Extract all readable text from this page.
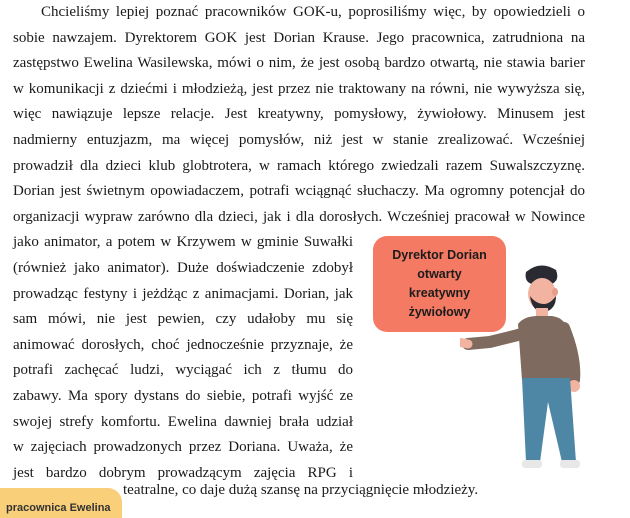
Chcieliśmy lepiej poznać pracowników GOK-u, poprosiliśmy więc, by opowiedzieli o
sobie nawzajem. Dyrektorem GOK jest Dorian Krause. Jego pracownica, zatrudniona na
zastępstwo Ewelina Wasilewska, mówi o nim, że jest osobą bardzo otwartą, nie stawia barier
w komunikacji z dziećmi i młodzieżą, jest przez nie traktowany na równi, nie wywyższa się,
więc nawiązuje lepsze relacje. Jest kreatywny, pomysłowy, żywiołowy. Minusem jest
nadmierny entuzjazm, ma więcej pomysłów, niż jest w stanie zrealizować. Wcześniej
prowadził dla dzieci klub globtrotera, w ramach którego zwiedzali razem Suwalszczyznę.
Dorian jest świetnym opowiadaczem, potrafi wciągnąć słuchaczy. Ma ogromny potencjał do
organizacji wypraw zarówno dla dzieci, jak i dla dorosłych. Wcześniej pracował w Nowince
jako animator, a potem w Krzywem w gminie Suwałki
(również jako animator). Duże doświadczenie zdobył
prowadząc festyny i jeżdżąc z animacjami. Dorian, jak
sam mówi, nie jest pewien, czy udałoby mu się
animować dorosłych, choć jednocześnie przyznaje, że
potrafi zachęcać ludzi, wyciągać ich z tłumu do
zabawy. Ma spory dystans do siebie, potrafi wyjść ze
swojej strefy komfortu. Ewelina dawniej brała udział
w zajęciach prowadzonych przez Doriana. Uważa, że
jest bardzo dobrym prowadzącym zajęcia RPG i
teatralne, co daje dużą szansę na przyciągnięcie młodzieży.
Dyrektor Dorian
otwarty
kreatywny
żywiołowy
pracownica Ewelina
